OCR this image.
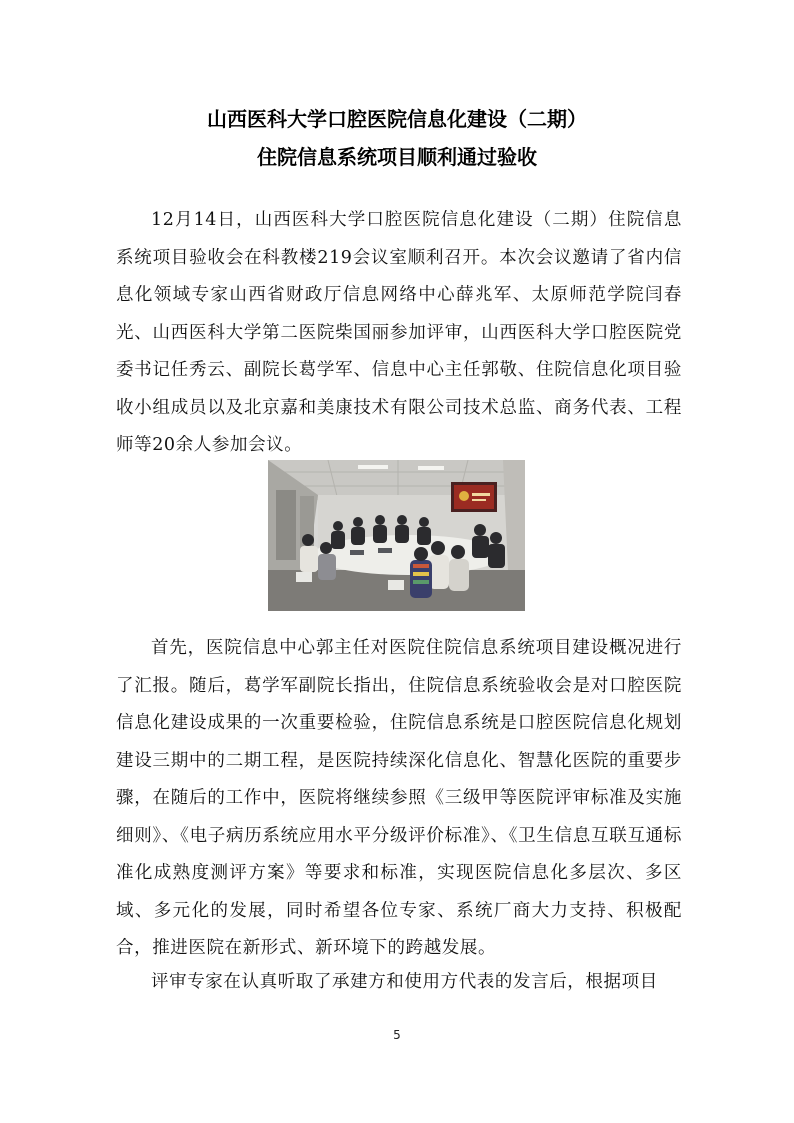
山西医科大学口腔医院信息化建设（二期）
住院信息系统项目顺利通过验收

12月14日，山西医科大学口腔医院信息化建设（二期）住院信息系统项目验收会在科教楼219会议室顺利召开。本次会议邀请了省内信息化领域专家山西省财政厅信息网络中心薛兆军、太原师范学院闫春光、山西医科大学第二医院柴国丽参加评审，山西医科大学口腔医院党委书记任秀云、副院长葛学军、信息中心主任郭敬、住院信息化项目验收小组成员以及北京嘉和美康技术有限公司技术总监、商务代表、工程师等20余人参加会议。

首先，医院信息中心郭主任对医院住院信息系统项目建设概况进行了汇报。随后，葛学军副院长指出，住院信息系统验收会是对口腔医院信息化建设成果的一次重要检验，住院信息系统是口腔医院信息化规划建设三期中的二期工程，是医院持续深化信息化、智慧化医院的重要步骤，在随后的工作中，医院将继续参照《三级甲等医院评审标准及实施细则》、《电子病历系统应用水平分级评价标准》、《卫生信息互联互通标准化成熟度测评方案》等要求和标准，实现医院信息化多层次、多区域、多元化的发展，同时希望各位专家、系统厂商大力支持、积极配合，推进医院在新形式、新环境下的跨越发展。

评审专家在认真听取了承建方和使用方代表的发言后，根据项目

5
